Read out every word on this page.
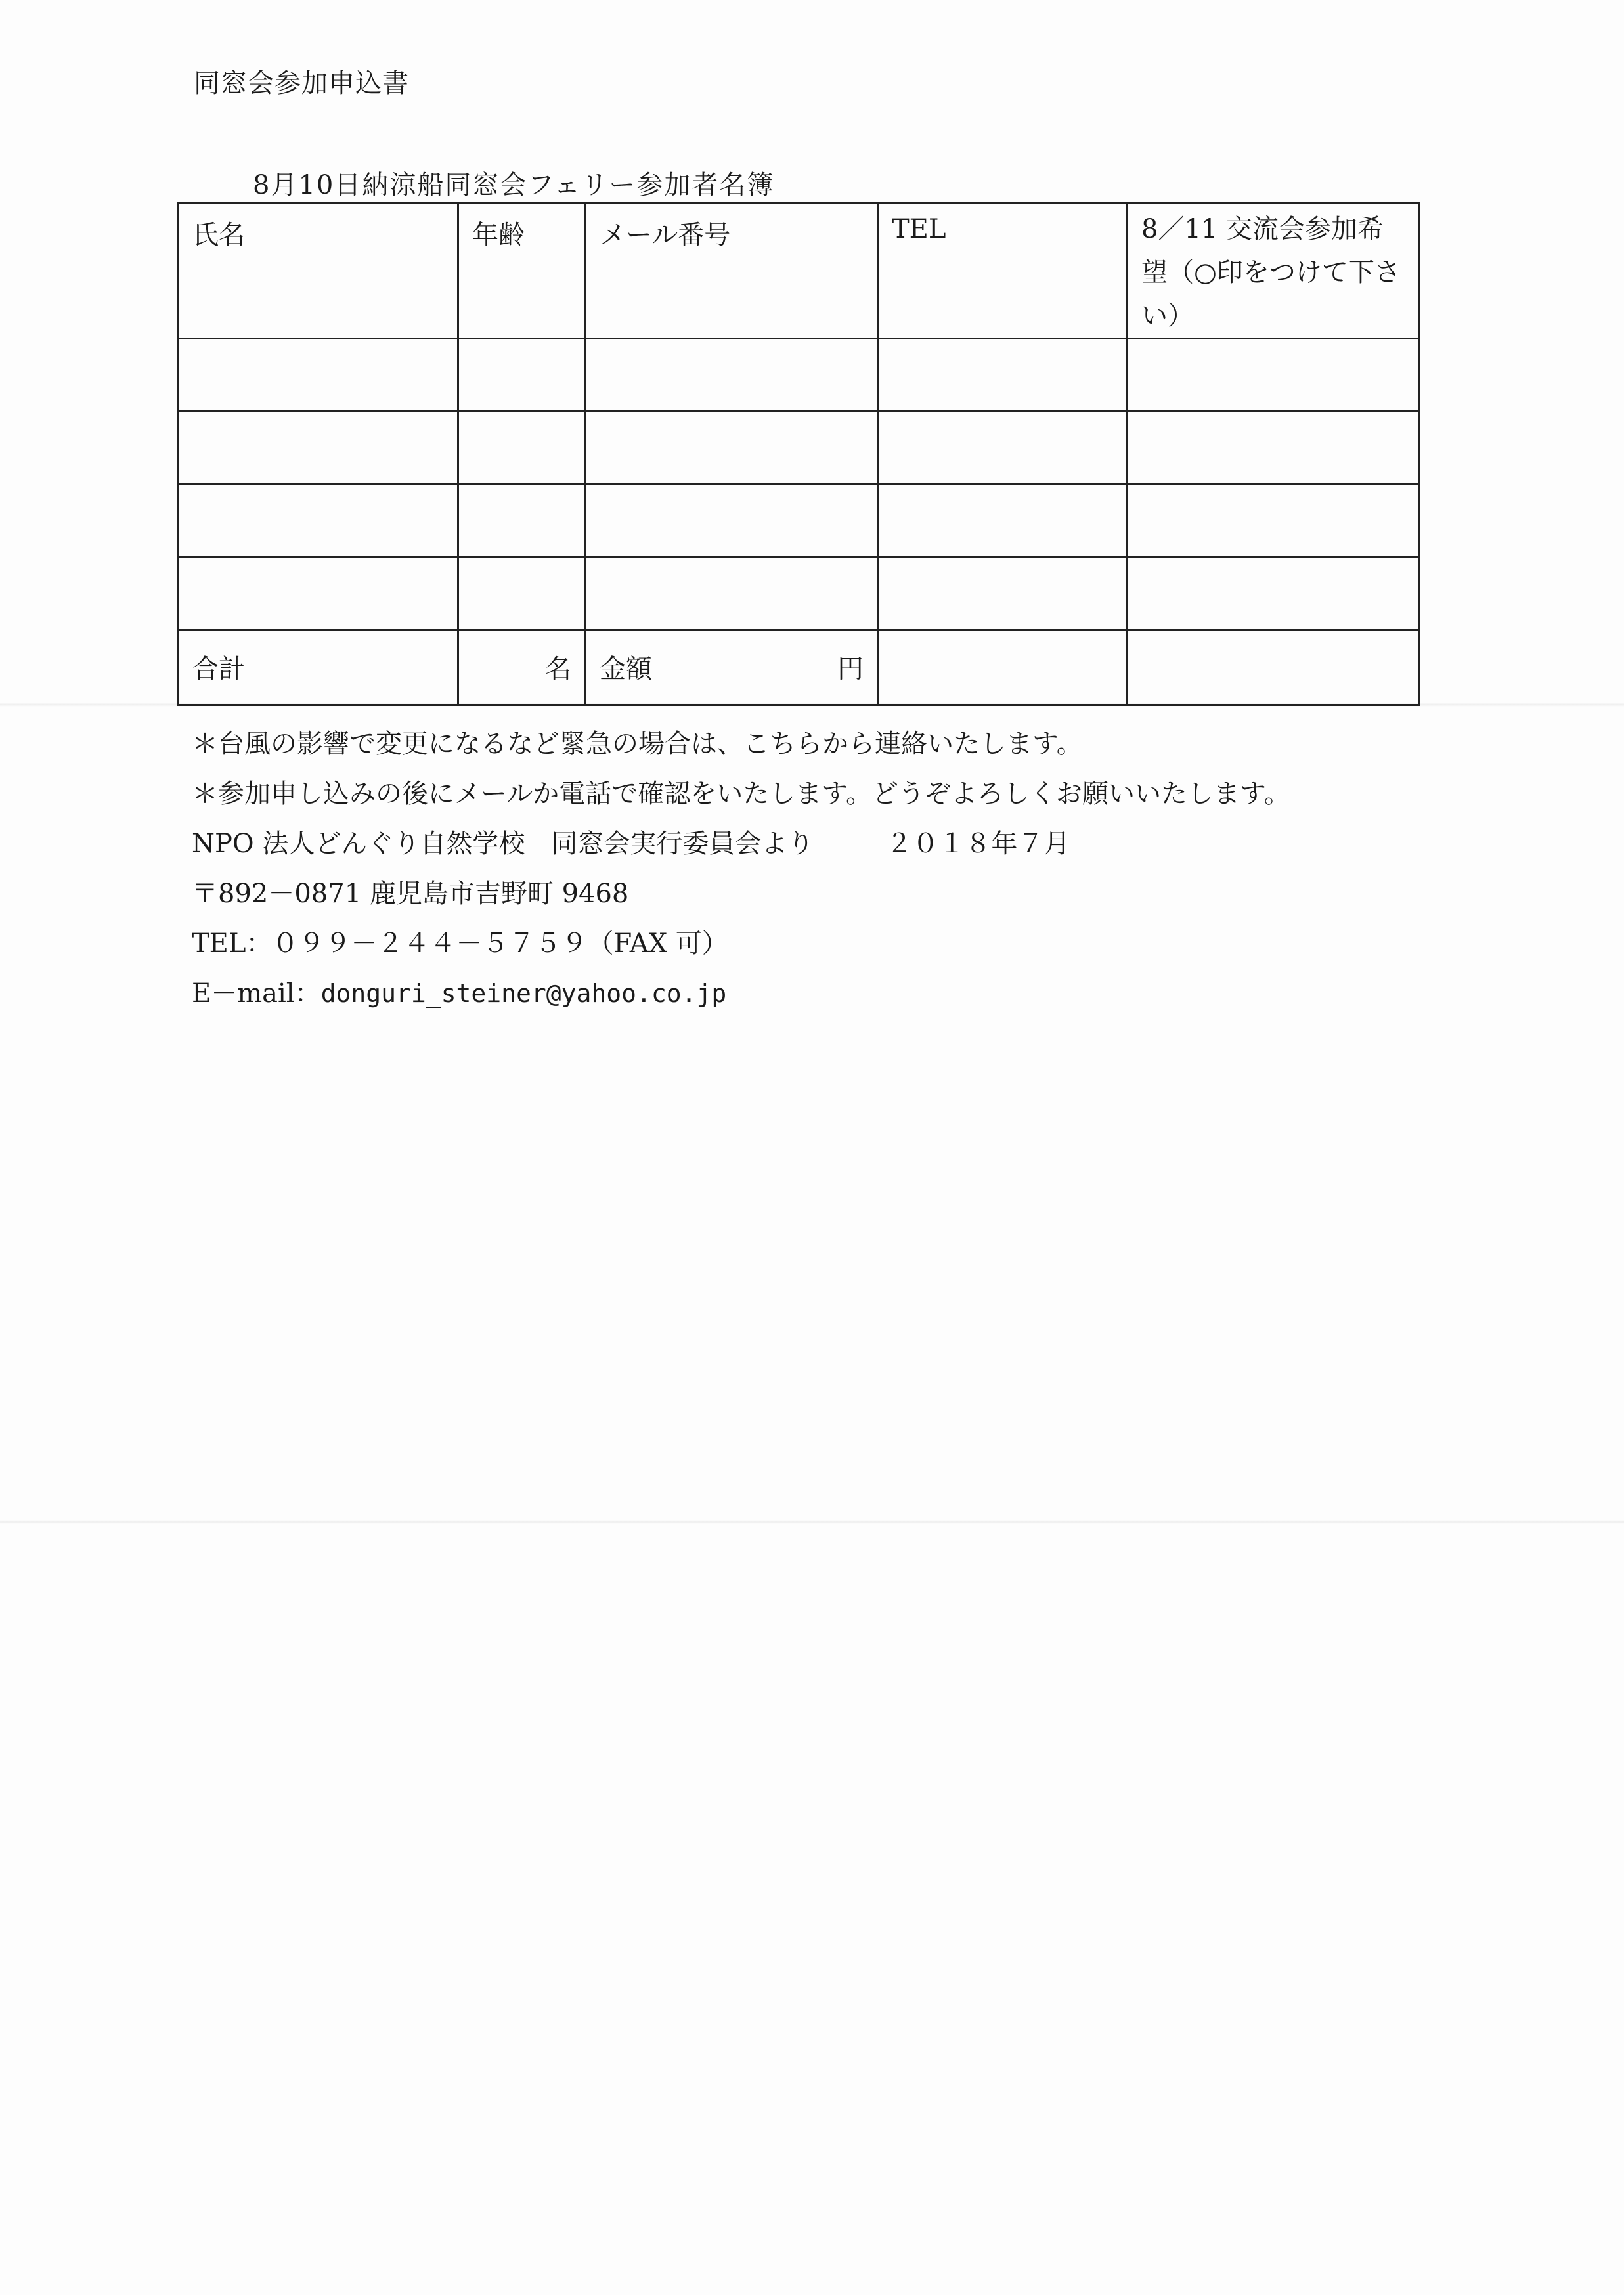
同窓会参加申込書
8月10日納涼船同窓会フェリー参加者名簿
氏名	年齢	メール番号	TEL	8／11 交流会参加希望（○印をつけて下さい）

合計	名	金額 円		

＊台風の影響で変更になるなど緊急の場合は、こちらから連絡いたします。
＊参加申し込みの後にメールか電話で確認をいたします。どうぞよろしくお願いいたします。
NPO 法人どんぐり自然学校　同窓会実行委員会より	２０１８年７月
〒892－0871 鹿児島市吉野町 9468
TEL：０９９－２４４－５７５９（FAX 可）
E－mail：donguri_steiner@yahoo.co.jp
